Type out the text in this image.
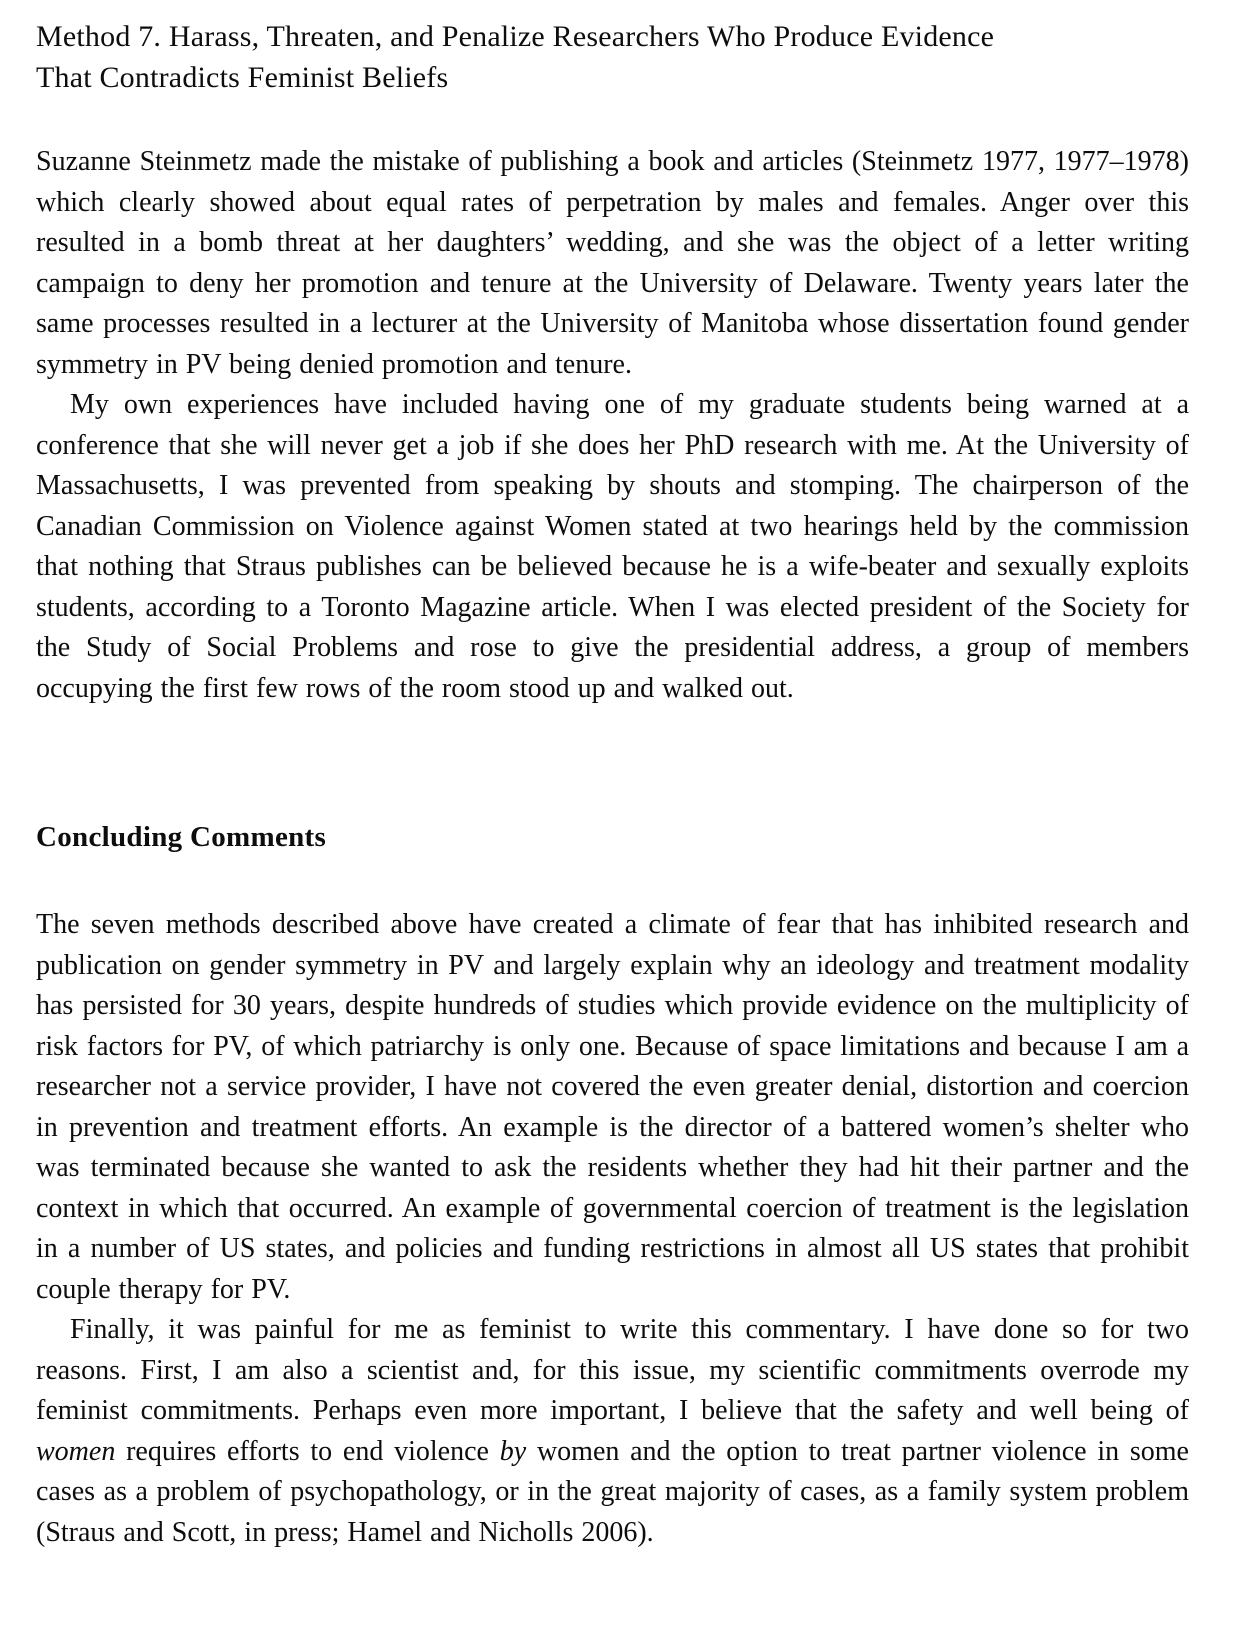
Method 7. Harass, Threaten, and Penalize Researchers Who Produce Evidence
That Contradicts Feminist Beliefs

Suzanne Steinmetz made the mistake of publishing a book and articles (Steinmetz 1977, 1977–1978) which clearly showed about equal rates of perpetration by males and females. Anger over this resulted in a bomb threat at her daughters’ wedding, and she was the object of a letter writing campaign to deny her promotion and tenure at the University of Delaware. Twenty years later the same processes resulted in a lecturer at the University of Manitoba whose dissertation found gender symmetry in PV being denied promotion and tenure.

My own experiences have included having one of my graduate students being warned at a conference that she will never get a job if she does her PhD research with me. At the University of Massachusetts, I was prevented from speaking by shouts and stomping. The chairperson of the Canadian Commission on Violence against Women stated at two hearings held by the commission that nothing that Straus publishes can be believed because he is a wife-beater and sexually exploits students, according to a Toronto Magazine article. When I was elected president of the Society for the Study of Social Problems and rose to give the presidential address, a group of members occupying the first few rows of the room stood up and walked out.

Concluding Comments

The seven methods described above have created a climate of fear that has inhibited research and publication on gender symmetry in PV and largely explain why an ideology and treatment modality has persisted for 30 years, despite hundreds of studies which provide evidence on the multiplicity of risk factors for PV, of which patriarchy is only one. Because of space limitations and because I am a researcher not a service provider, I have not covered the even greater denial, distortion and coercion in prevention and treatment efforts. An example is the director of a battered women’s shelter who was terminated because she wanted to ask the residents whether they had hit their partner and the context in which that occurred. An example of governmental coercion of treatment is the legislation in a number of US states, and policies and funding restrictions in almost all US states that prohibit couple therapy for PV.

Finally, it was painful for me as feminist to write this commentary. I have done so for two reasons. First, I am also a scientist and, for this issue, my scientific commitments overrode my feminist commitments. Perhaps even more important, I believe that the safety and well being of women requires efforts to end violence by women and the option to treat partner violence in some cases as a problem of psychopathology, or in the great majority of cases, as a family system problem (Straus and Scott, in press; Hamel and Nicholls 2006).
